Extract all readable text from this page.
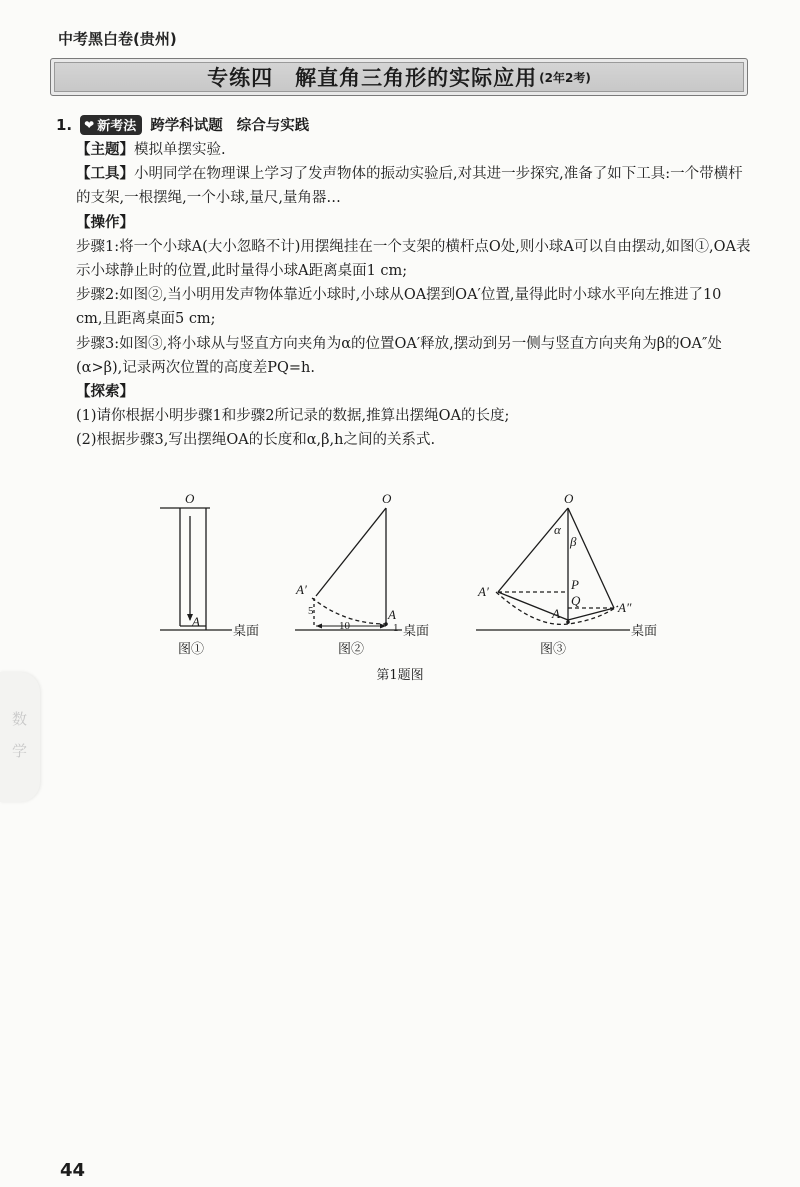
中考黑白卷(贵州)
专练四　解直角三角形的实际应用 (2年2考)
1. ❤ 新考法 跨学科试题 综合与实践

【主题】模拟单摆实验.

【工具】小明同学在物理课上学习了发声物体的振动实验后,对其进一步探究,准备了如下工具:一个带横杆的支架,一根摆绳,一个小球,量尺,量角器…

【操作】

步骤1:将一个小球A(大小忽略不计)用摆绳挂在一个支架的横杆点O处,则小球A可以自由摆动,如图①,OA表示小球静止时的位置,此时量得小球A距离桌面1 cm;

步骤2:如图②,当小明用发声物体靠近小球时,小球从OA摆到OA′位置,量得此时小球水平向左推进了10 cm,且距离桌面5 cm;

步骤3:如图③,将小球从与竖直方向夹角为α的位置OA′释放,摆动到另一侧与竖直方向夹角为β的OA″处(α>β),记录两次位置的高度差PQ=h.

【探索】

(1)请你根据小明步骤1和步骤2所记录的数据,推算出摆绳OA的长度;

(2)根据步骤3,写出摆绳OA的长度和α,β,h之间的关系式.

O
A
桌面
图①
O
A′
A
5
10	1 桌面
图②
O
α
β
A′	P
Q
A	A″
桌面
图③
第1题图
数
学
44
